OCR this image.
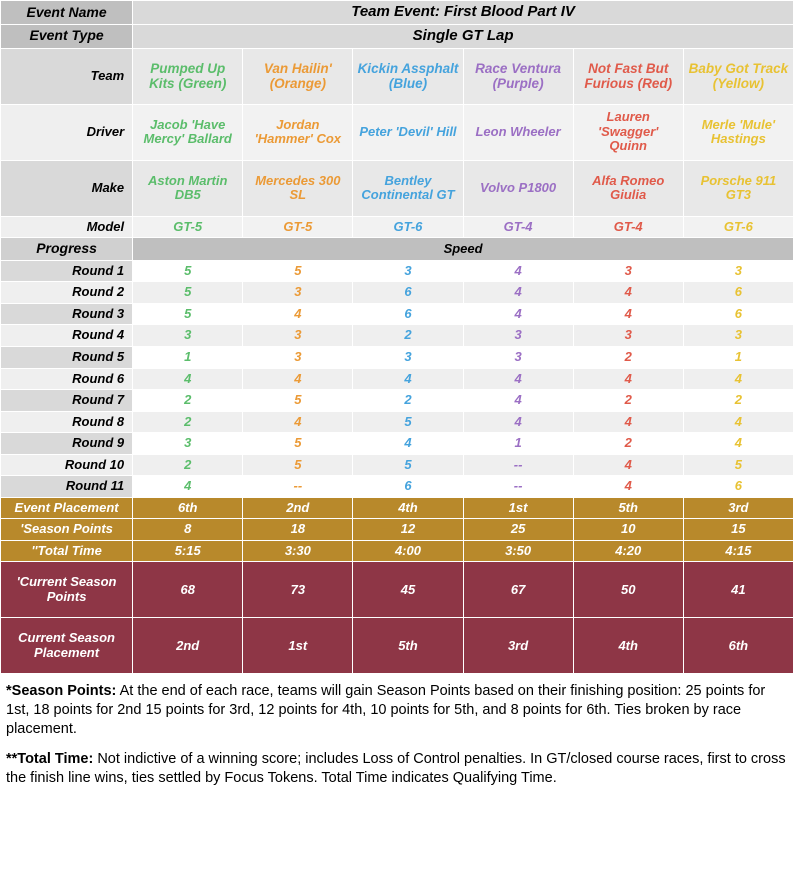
Event Name	Team Event: First Blood Part IV					
Event Type	Single GT Lap					
Team	Pumped Up Kits (Green)	Van Hailin' (Orange)	Kickin Assphalt (Blue)	Race Ventura (Purple)	Not Fast But Furious (Red)	Baby Got Track (Yellow)
Driver	Jacob 'Have Mercy' Ballard	Jordan 'Hammer' Cox	Peter 'Devil' Hill	Leon Wheeler	Lauren 'Swagger' Quinn	Merle 'Mule' Hastings
Make	Aston Martin DB5	Mercedes 300 SL	Bentley Continental GT	Volvo P1800	Alfa Romeo Giulia	Porsche 911 GT3
Model	GT-5	GT-5	GT-6	GT-4	GT-4	GT-6
Progress	Speed					
Round 1	5	5	3	4	3	3
Round 2	5	3	6	4	4	6
Round 3	5	4	6	4	4	6
Round 4	3	3	2	3	3	3
Round 5	1	3	3	3	2	1
Round 6	4	4	4	4	4	4
Round 7	2	5	2	4	2	2
Round 8	2	4	5	4	4	4
Round 9	3	5	4	1	2	4
Round 10	2	5	5	--	4	5
Round 11	4	--	6	--	4	6
Event Placement	6th	2nd	4th	1st	5th	3rd
'Season Points	8	18	12	25	10	15
''Total Time	5:15	3:30	4:00	3:50	4:20	4:15
'Current Season Points	68	73	45	67	50	41
Current Season Placement	2nd	1st	5th	3rd	4th	6th

*Season Points: At the end of each race, teams will gain Season Points based on their finishing position: 25 points for 1st, 18 points for 2nd 15 points for 3rd, 12 points for 4th, 10 points for 5th, and 8 points for 6th. Ties broken by race placement.

**Total Time: Not indictive of a winning score; includes Loss of Control penalties. In GT/closed course races, first to cross the finish line wins, ties settled by Focus Tokens. Total Time indicates Qualifying Time.
